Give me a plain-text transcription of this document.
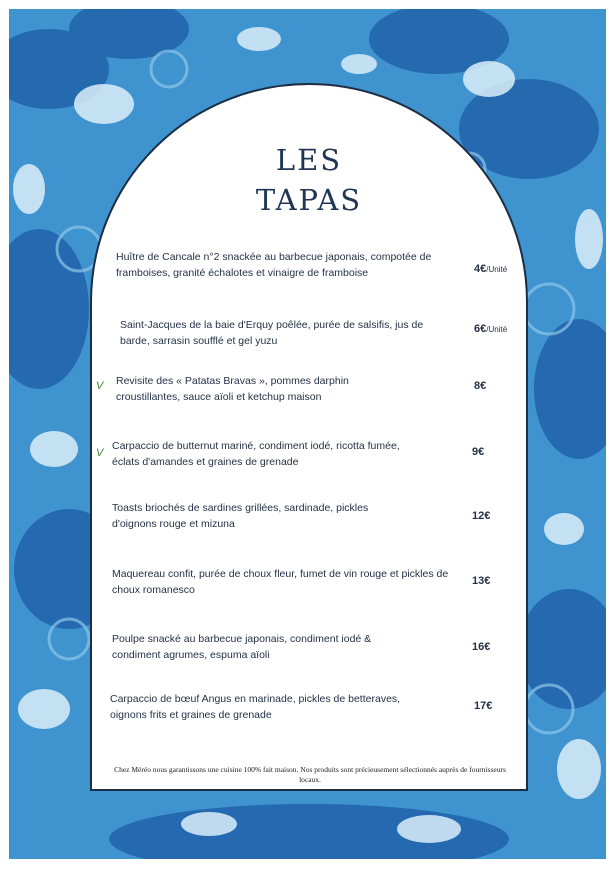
LES
TAPAS
Huître de Cancale n°2 snackée au barbecue japonais, compotée de framboises, granité échalotes et vinaigre de framboise	4€/Unité
Saint-Jacques de la baie d'Erquy poêlée, purée de salsifis, jus de barde, sarrasin soufflé et gel yuzu
6€/Unité
V Revisite des « Patatas Bravas », pommes darphin croustillantes, sauce aïoli et ketchup maison
8€
V
Carpaccio de butternut mariné, condiment iodé, ricotta fumée, éclats d'amandes et graines de grenade
9€
Toasts briochés de sardines grillées, sardinade, pickles d'oignons rouge et mizuna
12€
Maquereau confit, purée de choux fleur, fumet de vin rouge et pickles de choux romanesco
13€
Poulpe snacké au barbecue japonais, condiment iodé & condiment agrumes, espuma aïoli
16€
Carpaccio de bœuf Angus en marinade, pickles de betteraves, oignons frits et graines de grenade
17€
Chez Méréo nous garantissons une cuisine 100% fait maison. Nos produits sont précieusement sélectionnés auprès de fournisseurs locaux.
